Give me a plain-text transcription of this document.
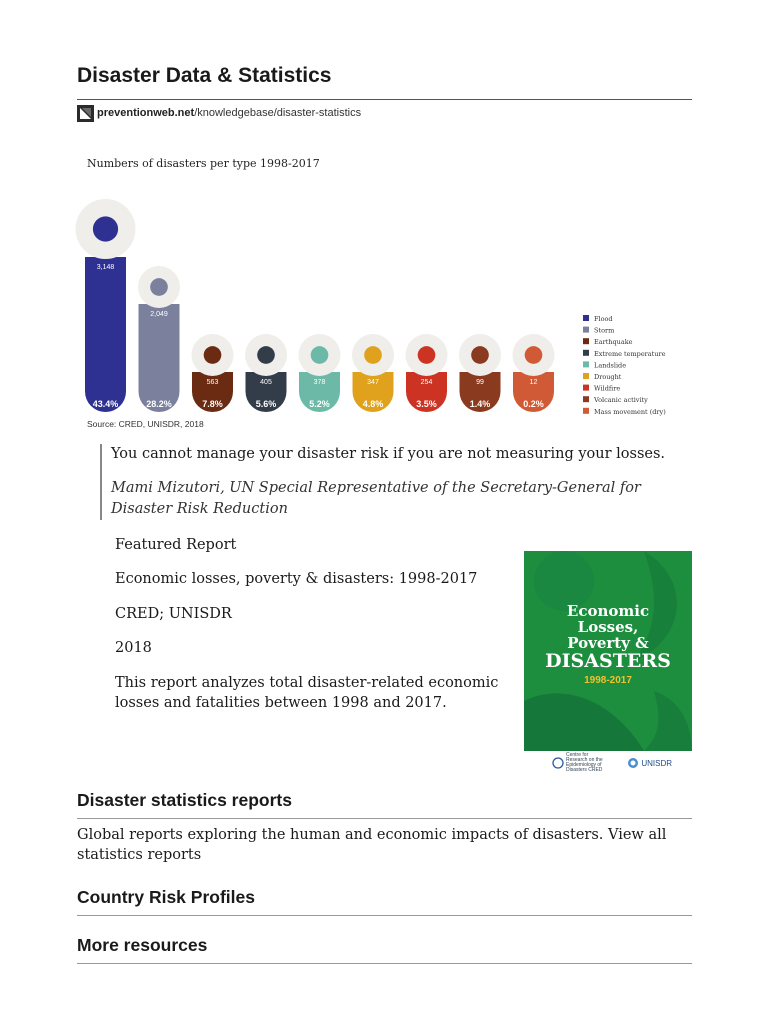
Disaster Data & Statistics
preventionweb.net /knowledgebase/disaster-statistics
Numbers of disasters per type 1998-2017
3,148
43.4%
2,049
28.2%
563
7.8%
405
5.6%
378
5.2%
347
4.8%
254
3.5%
99
1.4%
12
0.2%
Flood
Storm
Earthquake
Extreme temperature
Landslide
Drought
Wildfire
Volcanic activity
Mass movement (dry)
Source: CRED, UNISDR, 2018

You cannot manage your disaster risk if you are not measuring your losses.

Mami Mizutori, UN Special Representative of the Secretary-General for Disaster Risk Reduction

Featured Report

Economic losses, poverty & disasters: 1998-2017

CRED; UNISDR

2018

This report analyzes total disaster-related economic losses and fatalities between 1998 and 2017.

Economic
Losses,
Poverty &
DISASTERS
1998-2017
Centre for Research on the Epidemiology of Disasters CRED
UNISDR
Disaster statistics reports

Global reports exploring the human and economic impacts of disasters. View all statistics reports

Country Risk Profiles
More resources
